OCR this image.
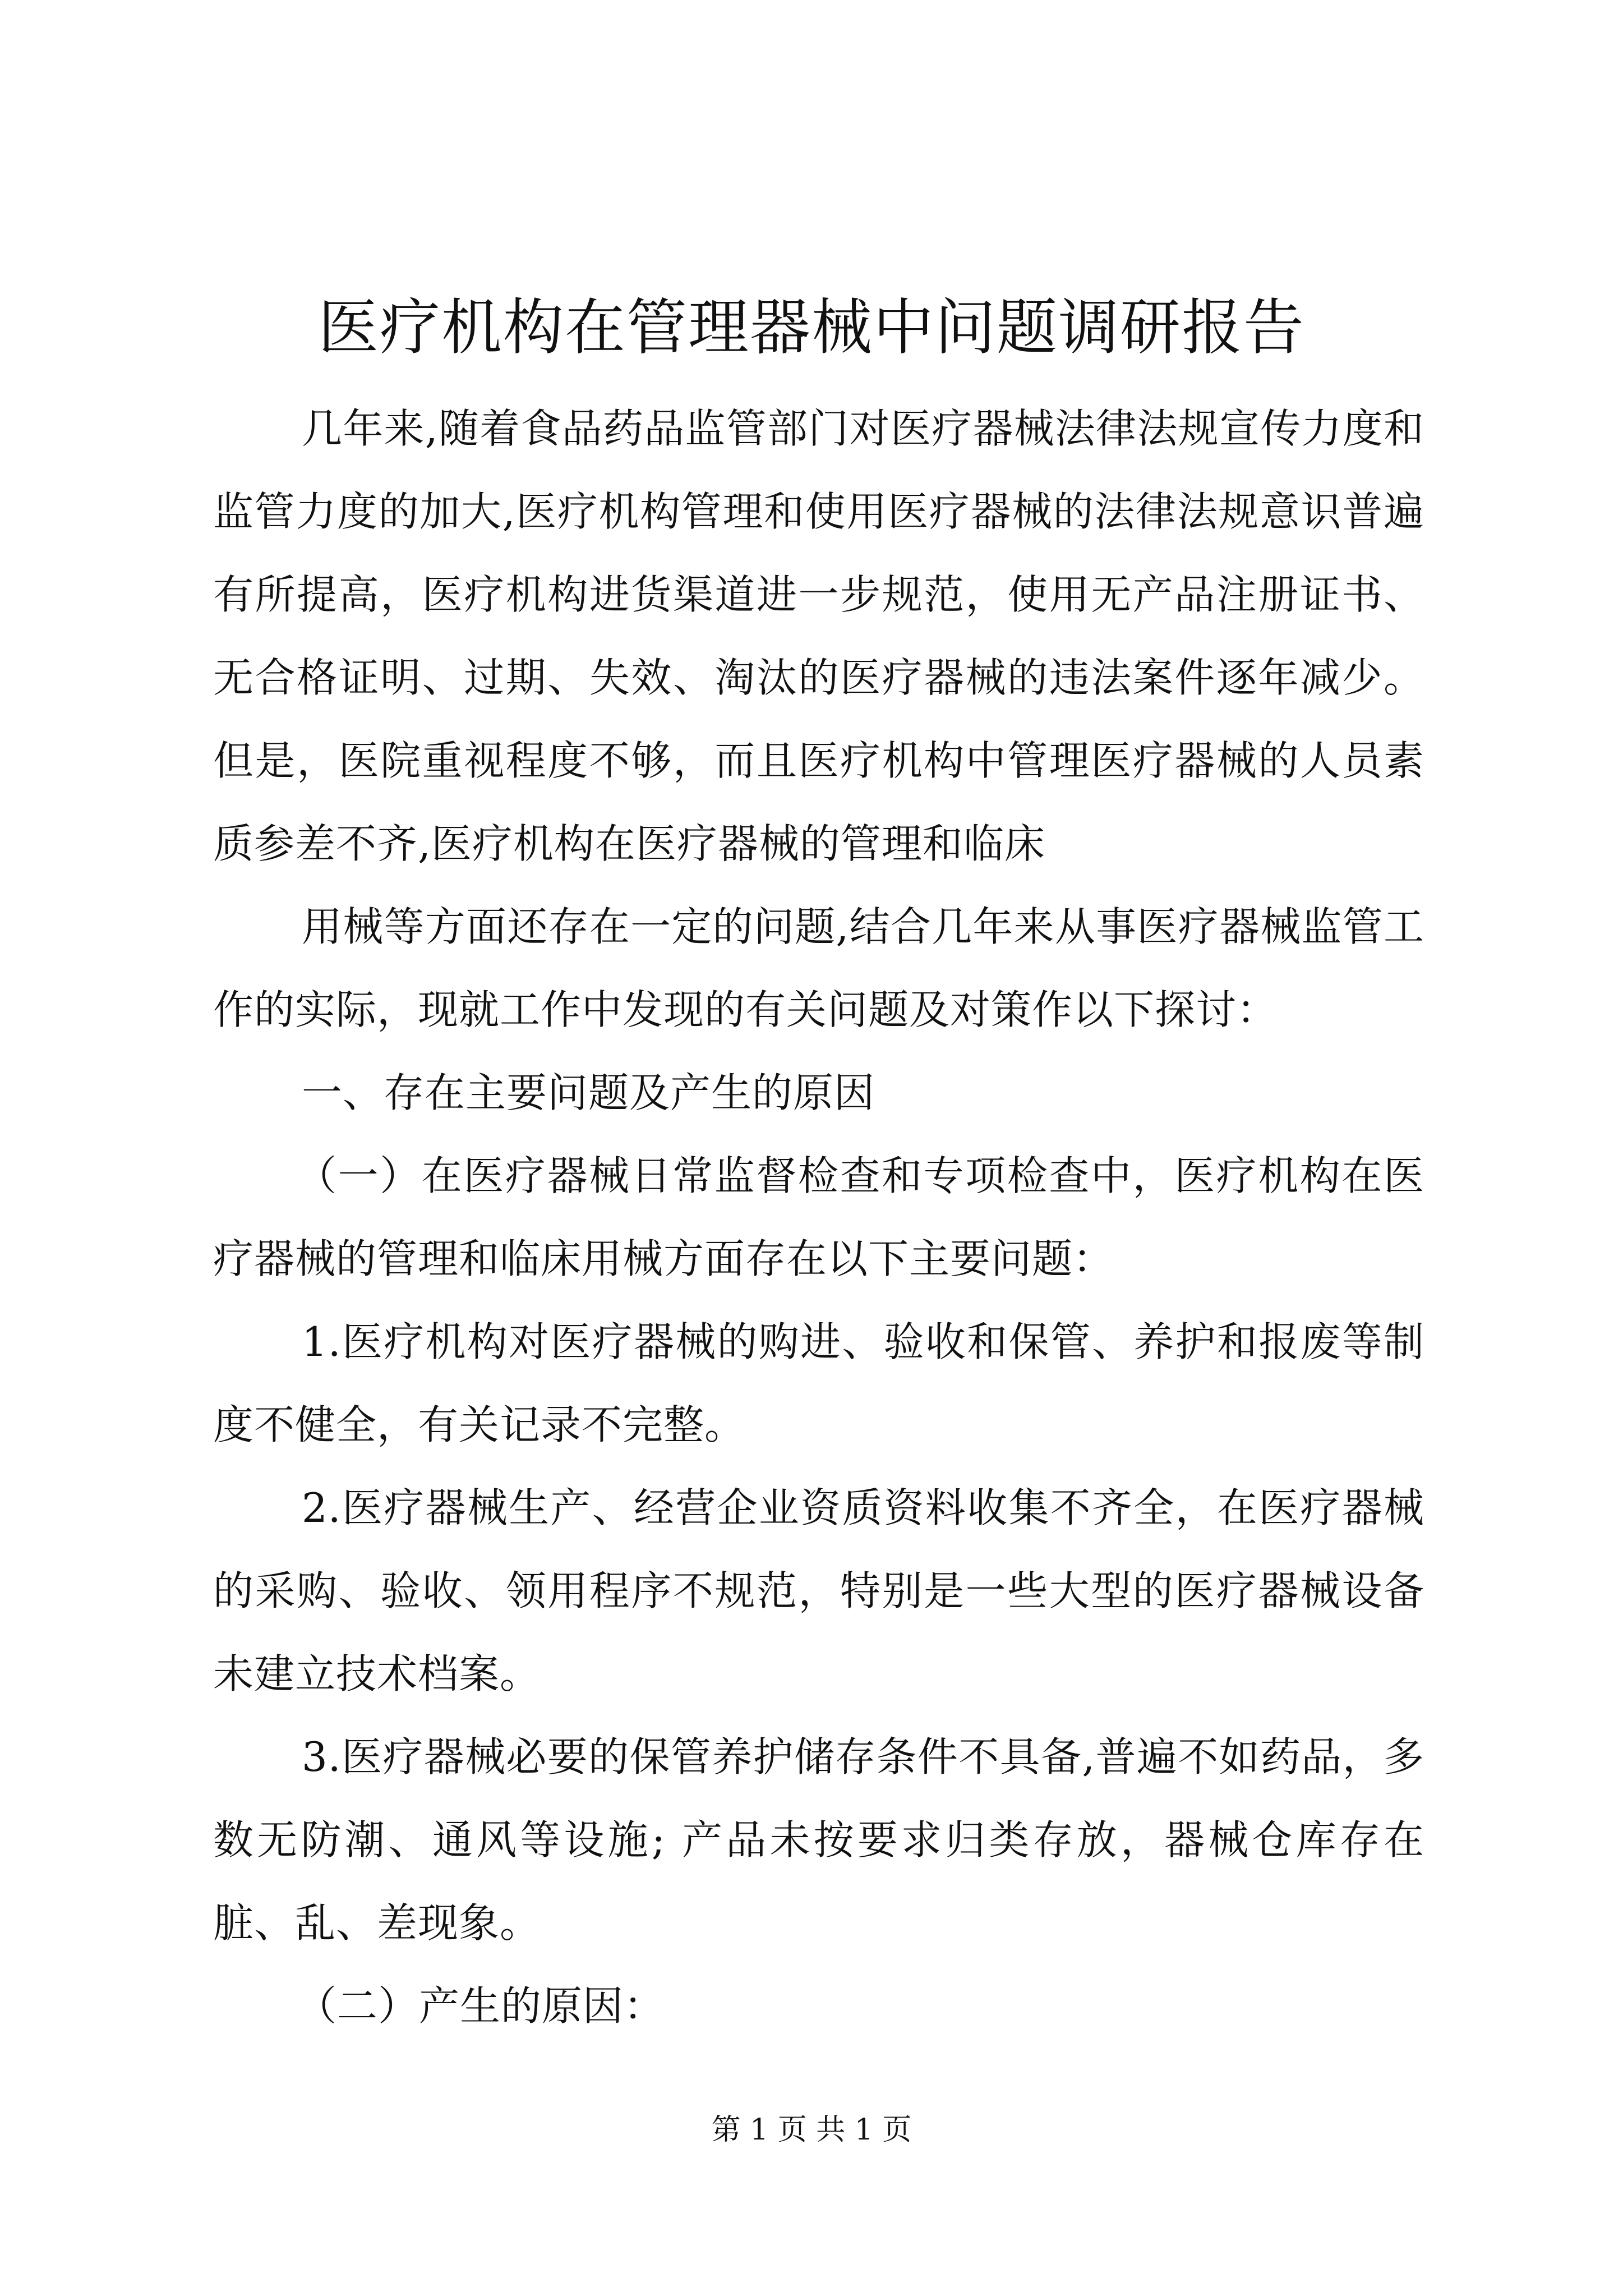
医疗机构在管理器械中问题调研报告

几年来,随着食品药品监管部门对医疗器械法律法规宣传力度和监管力度的加大,医疗机构管理和使用医疗器械的法律法规意识普遍有所提高，医疗机构进货渠道进一步规范，使用无产品注册证书、无合格证明、过期、失效、淘汰的医疗器械的违法案件逐年减少。但是，医院重视程度不够，而且医疗机构中管理医疗器械的人员素质参差不齐,医疗机构在医疗器械的管理和临床

用械等方面还存在一定的问题,结合几年来从事医疗器械监管工作的实际，现就工作中发现的有关问题及对策作以下探讨：

一、存在主要问题及产生的原因

（一）在医疗器械日常监督检查和专项检查中，医疗机构在医疗器械的管理和临床用械方面存在以下主要问题：

1.医疗机构对医疗器械的购进、验收和保管、养护和报废等制度不健全，有关记录不完整。

2.医疗器械生产、经营企业资质资料收集不齐全，在医疗器械的采购、验收、领用程序不规范，特别是一些大型的医疗器械设备未建立技术档案。

3.医疗器械必要的保管养护储存条件不具备,普遍不如药品，多数无防潮、通风等设施; 产品未按要求归类存放，器械仓库存在脏、乱、差现象。

（二）产生的原因：

第 1 页 共 1 页
